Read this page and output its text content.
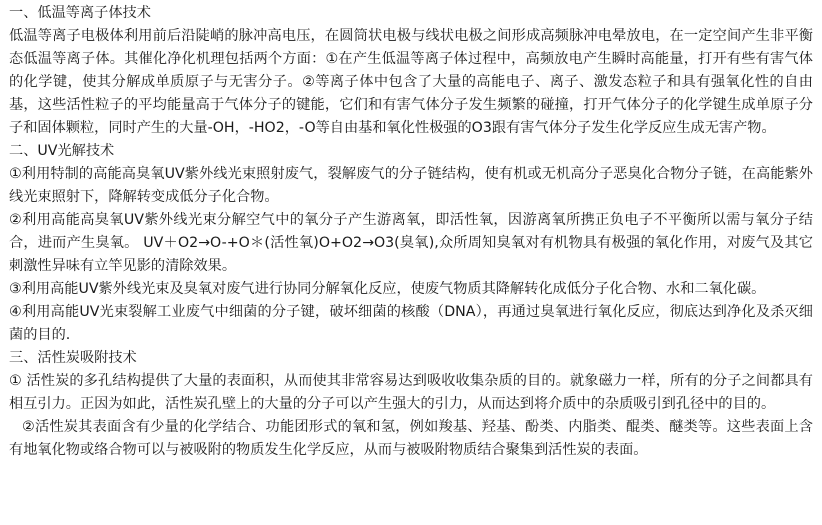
一、低温等离子体技术

低温等离子电极体利用前后沿陡峭的脉冲高电压，在圆筒状电极与线状电极之间形成高频脉冲电晕放电，在一定空间产生非平衡态低温等离子体。其催化净化机理包括两个方面：①在产生低温等离子体过程中，高频放电产生瞬时高能量，打开有些有害气体的化学键，使其分解成单质原子与无害分子。②等离子体中包含了大量的高能电子、离子、激发态粒子和具有强氧化性的自由基，这些活性粒子的平均能量高于气体分子的键能，它们和有害气体分子发生频繁的碰撞，打开气体分子的化学键生成单原子分子和固体颗粒，同时产生的大量-OH，-HO2，-O等自由基和氧化性极强的O3跟有害气体分子发生化学反应生成无害产物。

二、UV光解技术

①利用特制的高能高臭氧UV紫外线光束照射废气，裂解废气的分子链结构，使有机或无机高分子恶臭化合物分子链，在高能紫外线光束照射下，降解转变成低分子化合物。

②利用高能高臭氧UV紫外线光束分解空气中的氧分子产生游离氧，即活性氧，因游离氧所携正负电子不平衡所以需与氧分子结合，进而产生臭氧。 UV＋O2→O-+O＊(活性氧)O+O2→O3(臭氧),众所周知臭氧对有机物具有极强的氧化作用，对废气及其它刺激性异味有立竿见影的清除效果。

③利用高能UV紫外线光束及臭氧对废气进行协同分解氧化反应，使废气物质其降解转化成低分子化合物、水和二氧化碳。

④利用高能UV光束裂解工业废气中细菌的分子键，破坏细菌的核酸（DNA），再通过臭氧进行氧化反应，彻底达到净化及杀灭细菌的目的.

三、活性炭吸附技术

① 活性炭的多孔结构提供了大量的表面积，从而使其非常容易达到吸收收集杂质的目的。就象磁力一样，所有的分子之间都具有相互引力。正因为如此，活性炭孔壁上的大量的分子可以产生强大的引力，从而达到将介质中的杂质吸引到孔径中的目的。

②活性炭其表面含有少量的化学结合、功能团形式的氧和氢，例如羧基、羟基、酚类、内脂类、醌类、醚类等。这些表面上含有地氧化物或络合物可以与被吸附的物质发生化学反应，从而与被吸附物质结合聚集到活性炭的表面。
